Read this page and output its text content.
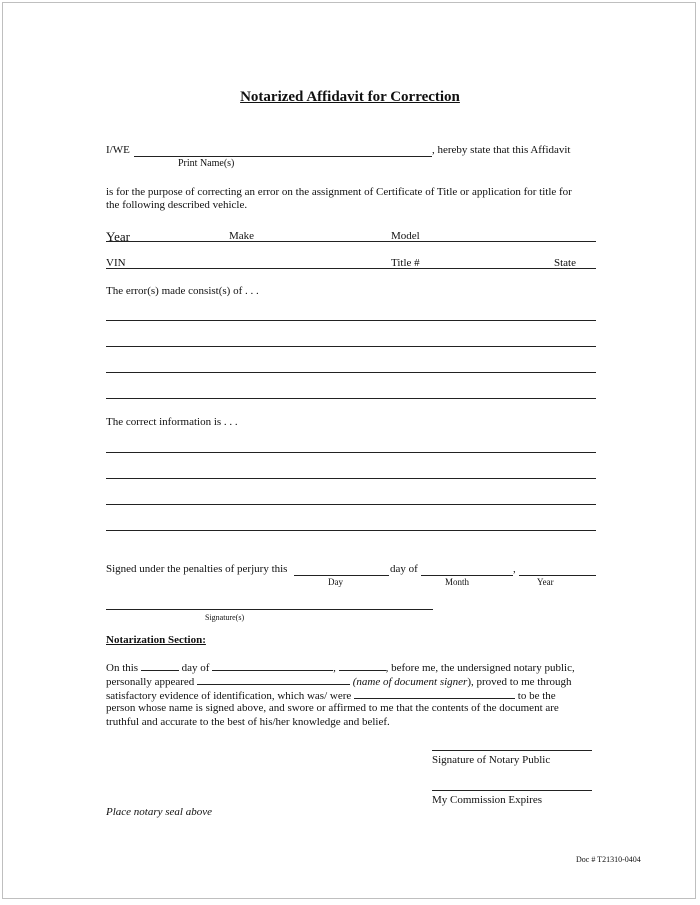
Notarized Affidavit for Correction
I/WE	, hereby state that this Affidavit
Print Name(s)
is for the purpose of correcting an error on the assignment of Certificate of Title or application for title for
the following described vehicle.
Year	Make	Model
VIN	Title #	State
The error(s) made consist(s) of . . .
The correct information is . . .
Signed under the penalties of perjury this	day of	,
Day	Month	Year
Signature(s)
Notarization Section:
On this	day of	,	, before me, the undersigned notary public,
personally appeared	(name of document signer), proved to me through
satisfactory evidence of identification, which was/ were	to be the
person whose name is signed above, and swore or affirmed to me that the contents of the document are
truthful and accurate to the best of his/her knowledge and belief.
Signature of Notary Public
My Commission Expires
Place notary seal above
Doc # T21310-0404
